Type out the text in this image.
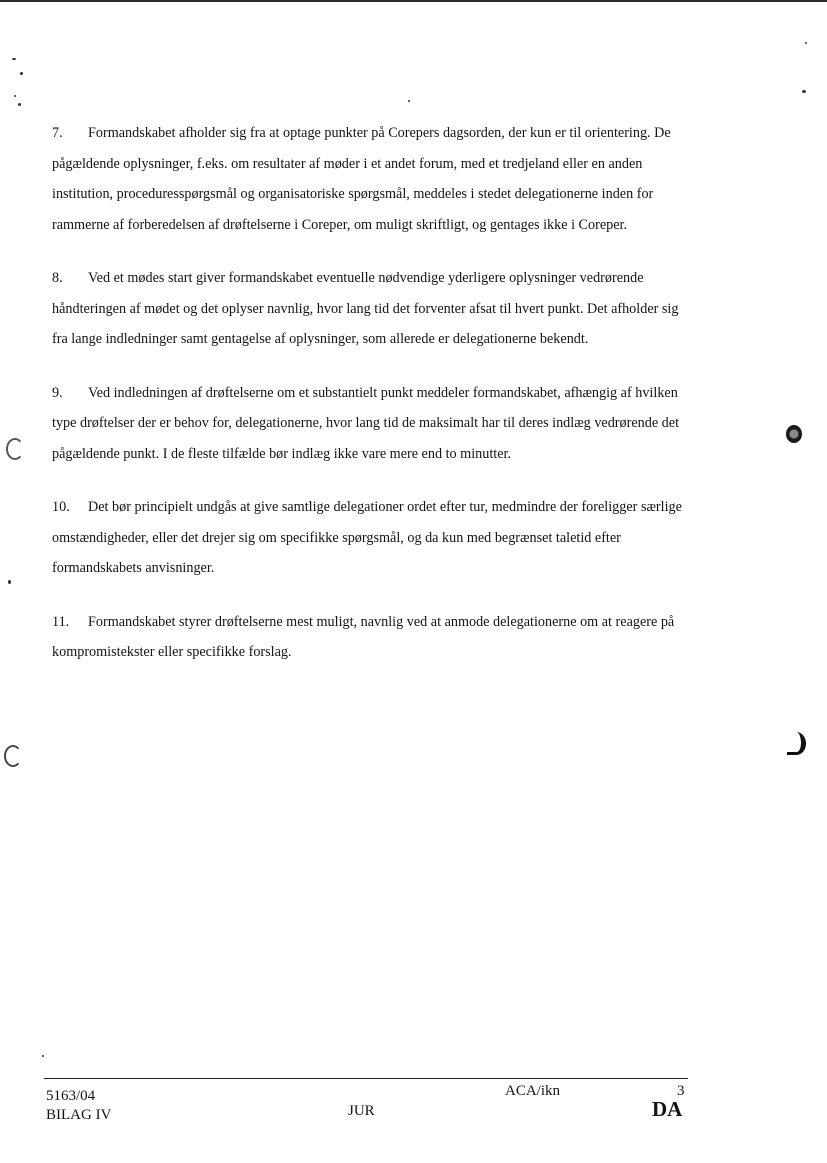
7. Formandskabet afholder sig fra at optage punkter på Corepers dagsorden, der kun er til orientering. De pågældende oplysninger, f.eks. om resultater af møder i et andet forum, med et tredjeland eller en anden institution, proceduresspørgsmål og organisatoriske spørgsmål, meddeles i stedet delegationerne inden for rammerne af forberedelsen af drøftelserne i Coreper, om muligt skriftligt, og gentages ikke i Coreper.

8. Ved et mødes start giver formandskabet eventuelle nødvendige yderligere oplysninger vedrørende håndteringen af mødet og det oplyser navnlig, hvor lang tid det forventer afsat til hvert punkt. Det afholder sig fra lange indledninger samt gentagelse af oplysninger, som allerede er delegationerne bekendt.

9. Ved indledningen af drøftelserne om et substantielt punkt meddeler formandskabet, afhængig af hvilken type drøftelser der er behov for, delegationerne, hvor lang tid de maksimalt har til deres indlæg vedrørende det pågældende punkt. I de fleste tilfælde bør indlæg ikke vare mere end to minutter.

10. Det bør principielt undgås at give samtlige delegationer ordet efter tur, medmindre der foreligger særlige omstændigheder, eller det drejer sig om specifikke spørgsmål, og da kun med begrænset taletid efter formandskabets anvisninger.

11. Formandskabet styrer drøftelserne mest muligt, navnlig ved at anmode delegationerne om at reagere på kompromistekster eller specifikke forslag.

5163/04
BILAG IV
ACA/ikn
JUR
3
DA
